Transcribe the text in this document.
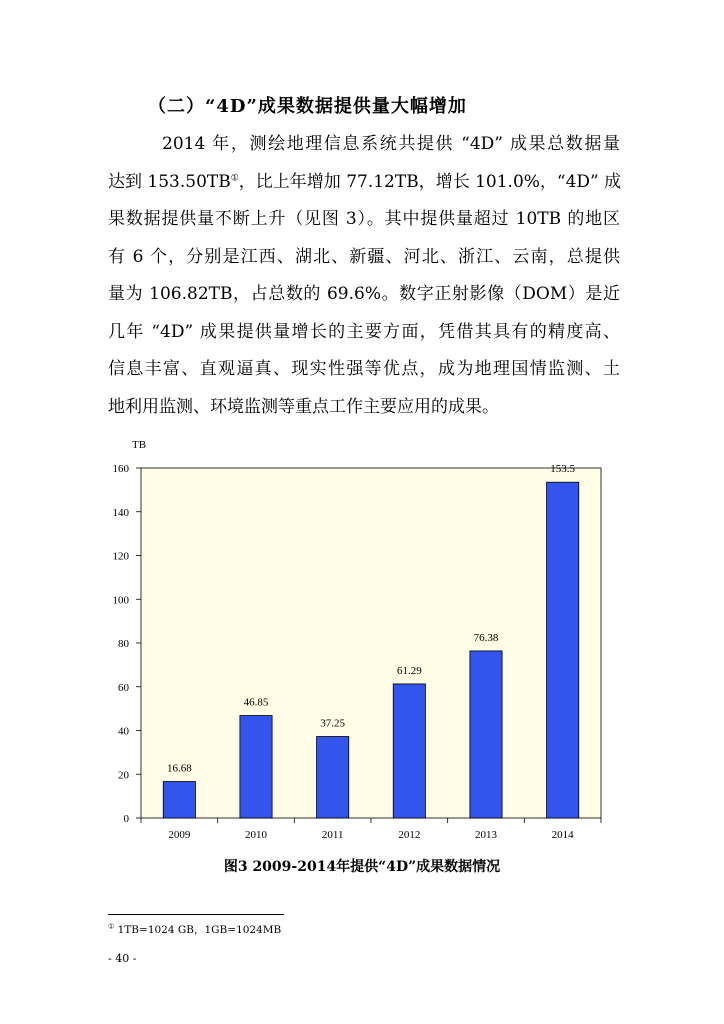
（二）“4D”成果数据提供量大幅增加
2014 年，测绘地理信息系统共提供 “4D” 成果总数据量
达到 153.50TB①，比上年增加 77.12TB，增长 101.0%，“4D” 成
果数据提供量不断上升（见图 3）。其中提供量超过 10TB 的地区
有 6 个，分别是江西、湖北、新疆、河北、浙江、云南，总提供
量为 106.82TB，占总数的 69.6%。数字正射影像（DOM）是近
几年 “4D” 成果提供量增长的主要方面，凭借其具有的精度高、
信息丰富、直观逼真、现实性强等优点，成为地理国情监测、土
地利用监测、环境监测等重点工作主要应用的成果。
TB
0
20
40
60
80
100
120
140
160
16.68
46.85
37.25
61.29
76.38
153.5
2009	2010	2011	2012	2013	2014
图3 2009-2014年提供“4D”成果数据情况
① 1TB=1024 GB，1GB=1024MB
- 40 -
